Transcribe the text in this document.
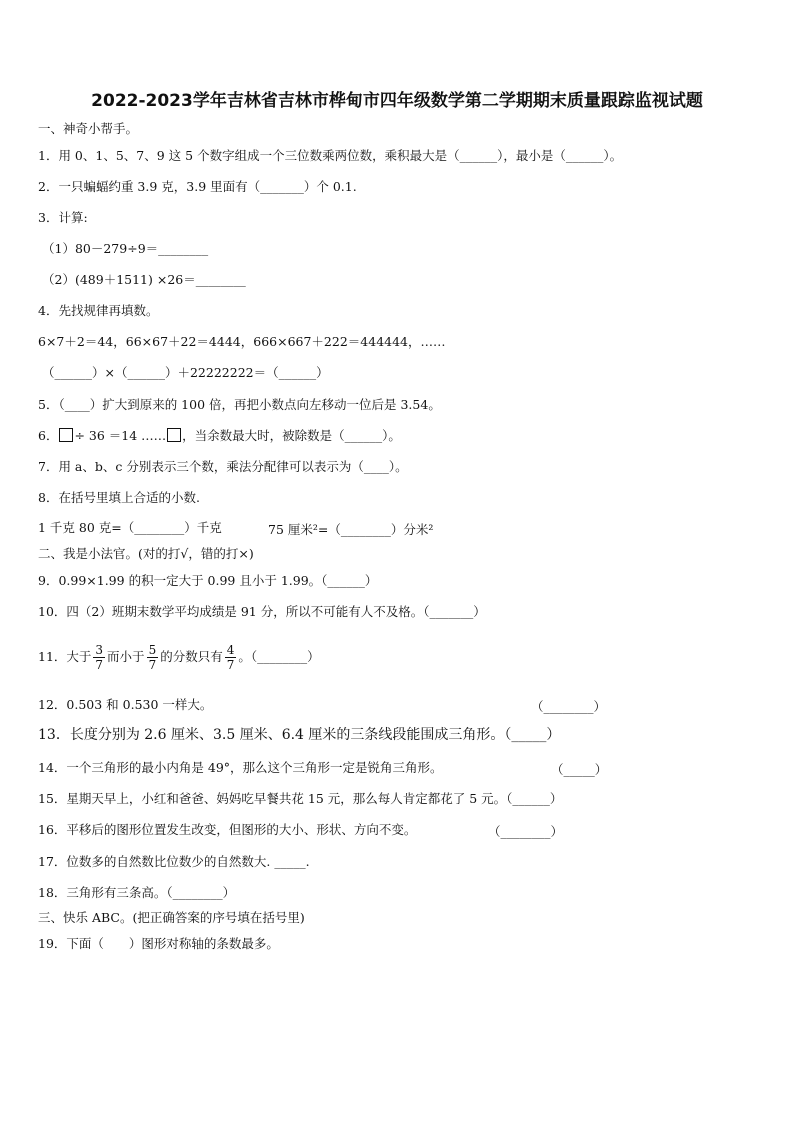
2022-2023学年吉林省吉林市桦甸市四年级数学第二学期期末质量跟踪监视试题
一、神奇小帮手。
1．用 0、1、5、7、9 这 5 个数字组成一个三位数乘两位数，乘积最大是（______），最小是（______）。
2．一只蝙蝠约重 3.9 克，3.9 里面有（_______）个 0.1.
3．计算:
（1）80－279÷9＝________
（2）(489＋1511) ×26＝________
4．先找规律再填数。
6×7＋2＝44，66×67＋22＝4444，666×667＋222＝444444，……
（______）×（______）＋22222222＝（______）
5．（____）扩大到原来的 100 倍，再把小数点向左移动一位后是 3.54。
6． ÷ 36 ＝14 …… ，当余数最大时，被除数是（______）。
7．用 a、b、c 分别表示三个数，乘法分配律可以表示为（____）。
8．在括号里填上合适的小数.
1 千克 80 克=（________）千克	75 厘米²=（________）分米²
二、我是小法官。(对的打√，错的打×)
9．0.99×1.99 的积一定大于 0.99 且小于 1.99。（______）
10．四（2）班期末数学平均成绩是 91 分，所以不可能有人不及格。（_______）
11．大于 $\frac{3}{7}$ 而小于 $\frac{5}{7}$ 的分数只有 $\frac{4}{7}$ 。（________）
12．0.503 和 0.530 一样大。	（________）
13．长度分别为 2.6 厘米、3.5 厘米、6.4 厘米的三条线段能围成三角形。（_____）
14．一个三角形的最小内角是 49°，那么这个三角形一定是锐角三角形。	（_____）
15．星期天早上，小红和爸爸、妈妈吃早餐共花 15 元，那么每人肯定都花了 5 元。（______）
16．平移后的图形位置发生改变，但图形的大小、形状、方向不变。	（________）
17．位数多的自然数比位数少的自然数大. _____.
18．三角形有三条高。（________）
三、快乐 ABC。(把正确答案的序号填在括号里)
19．下面（　　）图形对称轴的条数最多。
